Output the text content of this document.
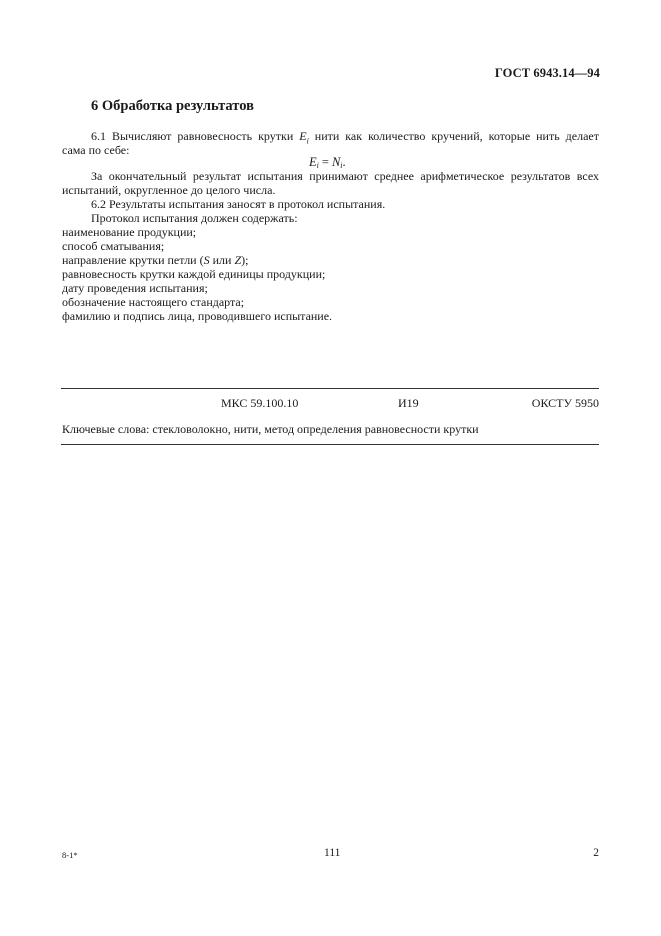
ГОСТ 6943.14—94
6 Обработка результатов
6.1 Вычисляют равновесность крутки $E_i$ нити как количество кручений, которые нить делает
сама по себе:
$E_i = N_i$.
За окончательный результат испытания принимают среднее арифметическое результатов всех
испытаний, округленное до целого числа.
6.2 Результаты испытания заносят в протокол испытания.
Протокол испытания должен содержать:
наименование продукции;
способ сматывания;
направление крутки петли (S или Z);
равновесность крутки каждой единицы продукции;
дату проведения испытания;
обозначение настоящего стандарта;
фамилию и подпись лица, проводившего испытание.
МКС 59.100.10	И19	ОКСТУ 5950
Ключевые слова: стекловолокно, нити, метод определения равновесности крутки
8-1*	111	2
